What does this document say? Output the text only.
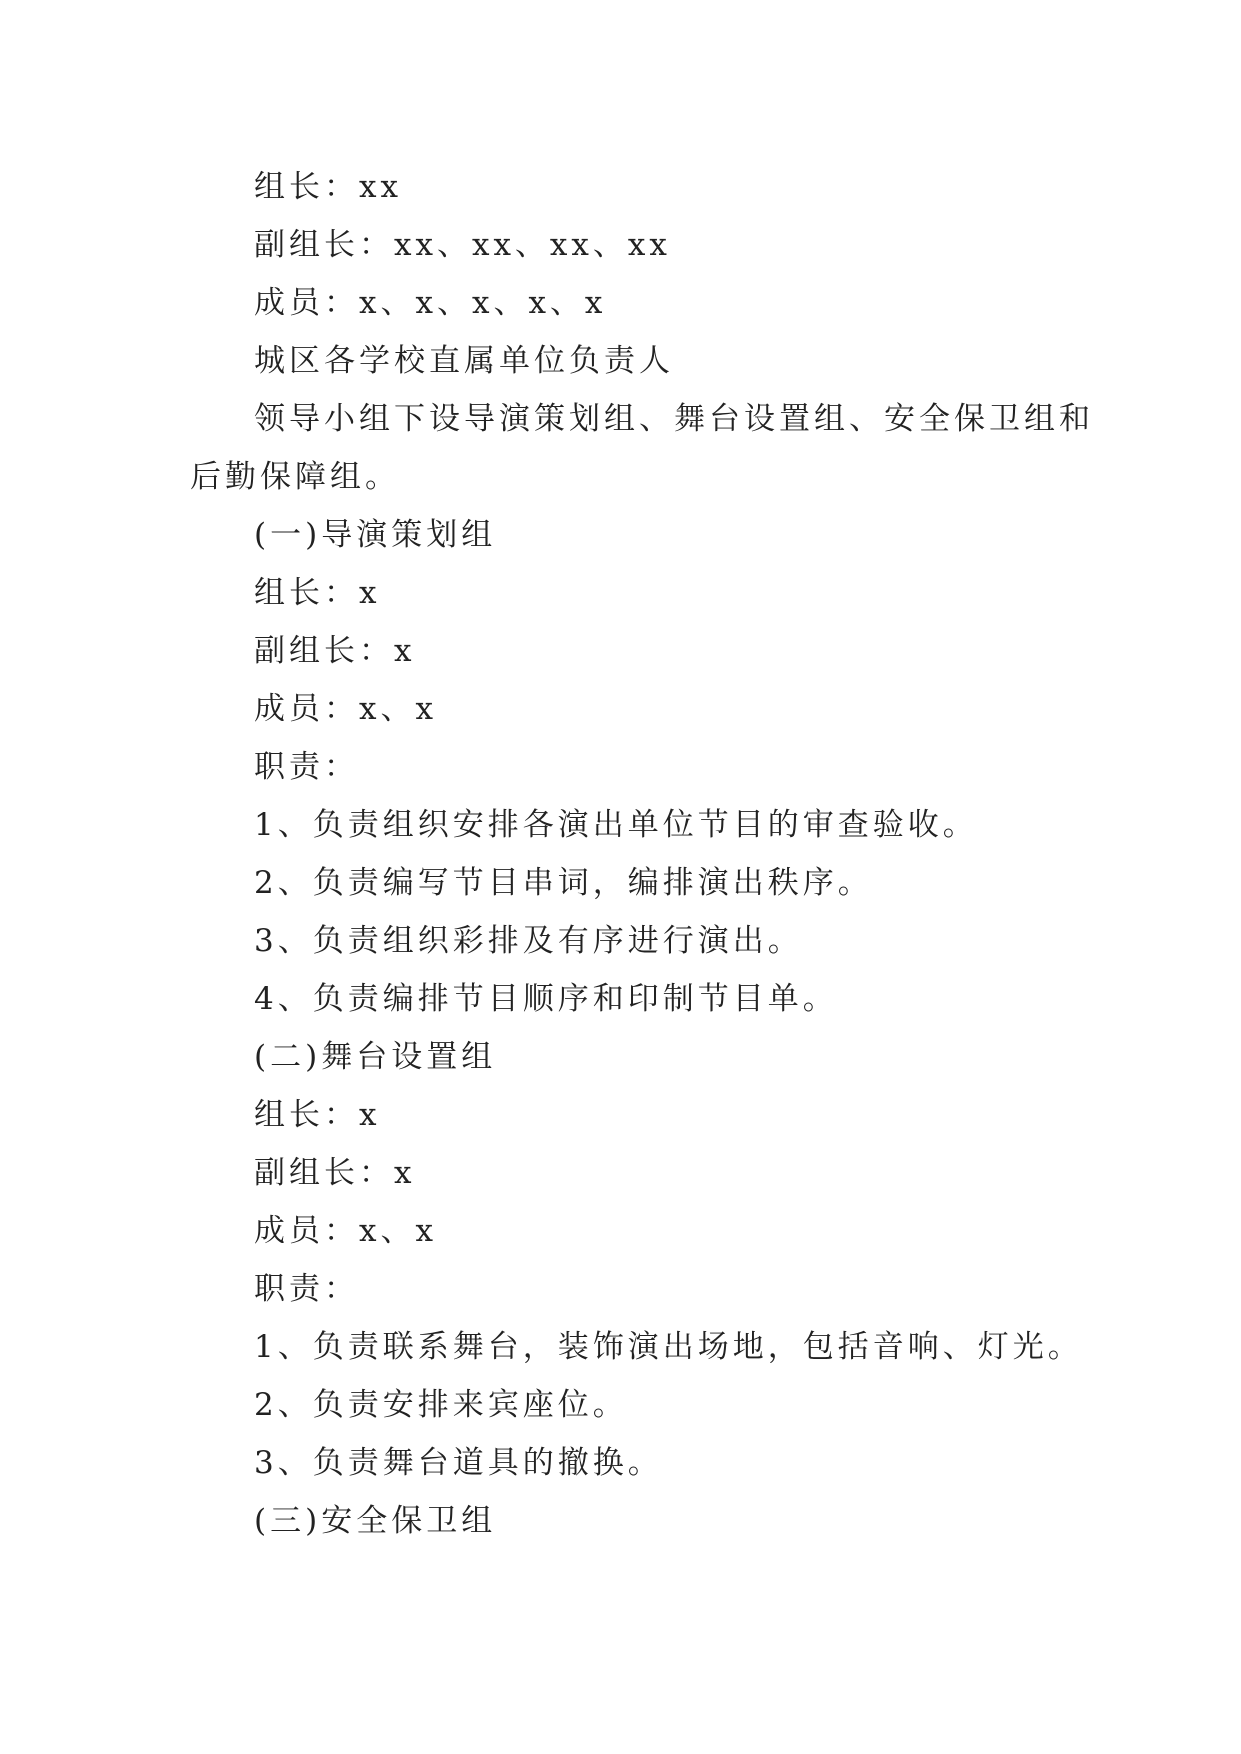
组长：xx
副组长：xx、xx、xx、xx
成员：x、x、x、x、x
城区各学校直属单位负责人
领导小组下设导演策划组、舞台设置组、安全保卫组和
后勤保障组。
(一)导演策划组
组长：x
副组长：x
成员：x、x
职责：
1、负责组织安排各演出单位节目的审查验收。
2、负责编写节目串词，编排演出秩序。
3、负责组织彩排及有序进行演出。
4、负责编排节目顺序和印制节目单。
(二)舞台设置组
组长：x
副组长：x
成员：x、x
职责：
1、负责联系舞台，装饰演出场地，包括音响、灯光。
2、负责安排来宾座位。
3、负责舞台道具的撤换。
(三)安全保卫组
